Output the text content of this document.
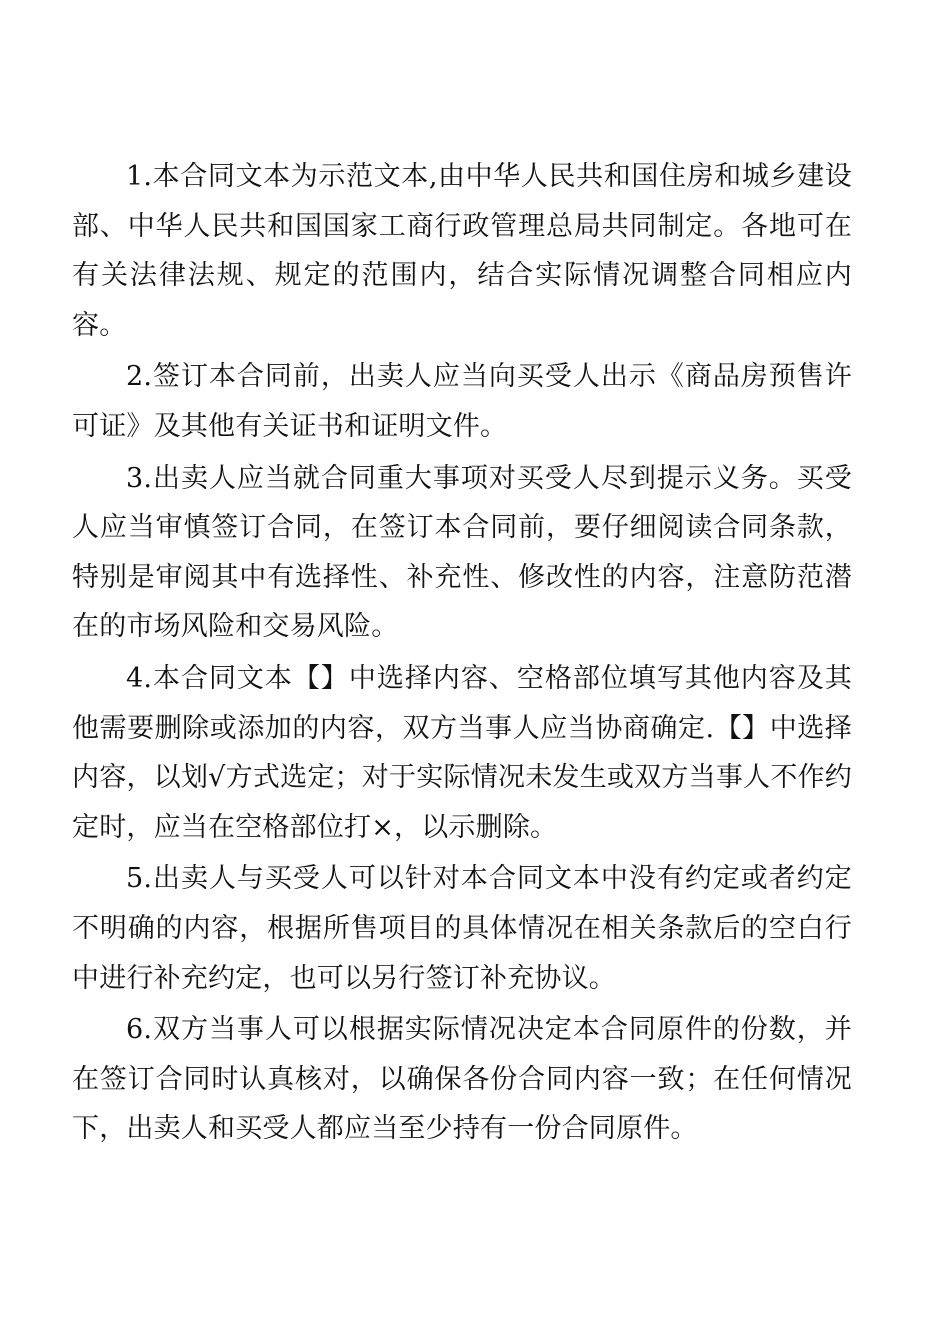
1.本合同文本为示范文本,由中华人民共和国住房和城乡建设部、中华人民共和国国家工商行政管理总局共同制定。各地可在有关法律法规、规定的范围内，结合实际情况调整合同相应内容。

2.签订本合同前，出卖人应当向买受人出示《商品房预售许可证》及其他有关证书和证明文件。

3.出卖人应当就合同重大事项对买受人尽到提示义务。买受人应当审慎签订合同，在签订本合同前，要仔细阅读合同条款，特别是审阅其中有选择性、补充性、修改性的内容，注意防范潜在的市场风险和交易风险。

4.本合同文本【】中选择内容、空格部位填写其他内容及其他需要删除或添加的内容，双方当事人应当协商确定.【】中选择内容，以划√方式选定；对于实际情况未发生或双方当事人不作约定时，应当在空格部位打×，以示删除。

5.出卖人与买受人可以针对本合同文本中没有约定或者约定不明确的内容，根据所售项目的具体情况在相关条款后的空白行中进行补充约定，也可以另行签订补充协议。

6.双方当事人可以根据实际情况决定本合同原件的份数，并在签订合同时认真核对，以确保各份合同内容一致；在任何情况下，出卖人和买受人都应当至少持有一份合同原件。
